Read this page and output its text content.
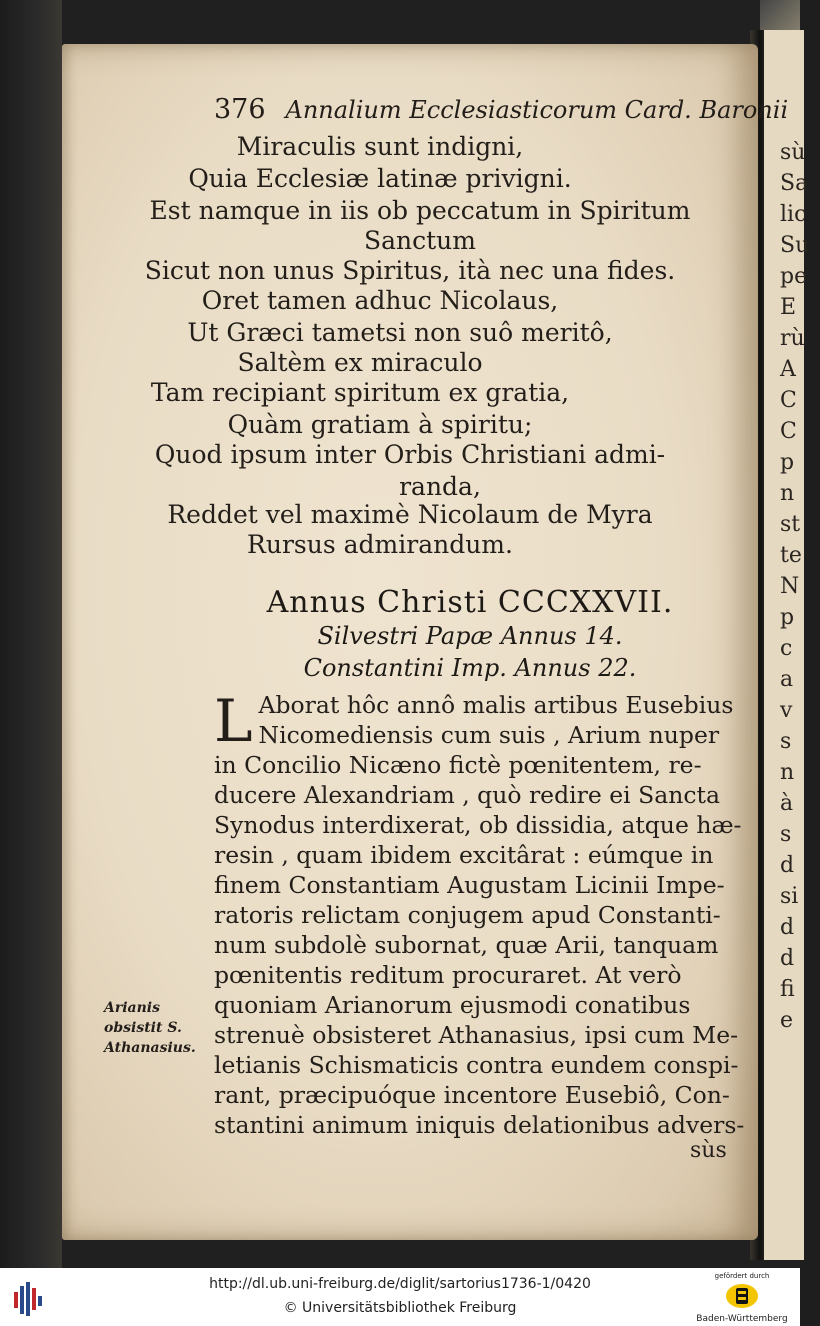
sù
Sa
lic
Su
pe
E
rù
A
C
C
p
n
st
te
N
p
c
a
v
s
n
à
s
d
si
d
d
fi
e
376 Annalium Ecclesiasticorum Card. Baronii
Miraculis sunt indigni,
Quia Ecclesiæ latinæ privigni.
Est namque in iis ob peccatum in Spiritum
Sanctum
Sicut non unus Spiritus, ità nec una fides.
Oret tamen adhuc Nicolaus,
Ut Græci tametsi non suô meritô,
Saltèm ex miraculo
Tam recipiant spiritum ex gratia,
Quàm gratiam à spiritu;
Quod ipsum inter Orbis Christiani admi-
randa,
Reddet vel maximè Nicolaum de Myra
Rursus admirandum.
Annus Christi CCCXXVII.
Silvestri Papæ Annus 14.
Constantini Imp. Annus 22.
L Aborat hôc annô malis artibus Eusebius
Nicomediensis cum suis , Arium nuper
in Concilio Nicæno fictè pœnitentem, re-
ducere Alexandriam , quò redire ei Sancta
Synodus interdixerat, ob dissidia, atque hæ-
resin , quam ibidem excitârat : eúmque in
finem Constantiam Augustam Licinii Impe-
ratoris relictam conjugem apud Constanti-
num subdolè subornat, quæ Arii, tanquam
pœnitentis reditum procuraret. At verò
quoniam Arianorum ejusmodi conatibus
strenuè obsisteret Athanasius, ipsi cum Me-
letianis Schismaticis contra eundem conspi-
rant, præcipuóque incentore Eusebiô, Con-
stantini animum iniquis delationibus advers-
Arianis
obsistit S.
Athanasius.
sùs
http://dl.ub.uni-freiburg.de/diglit/sartorius1736-1/0420
© Universitätsbibliothek Freiburg
gefördert durch
Baden-Württemberg
